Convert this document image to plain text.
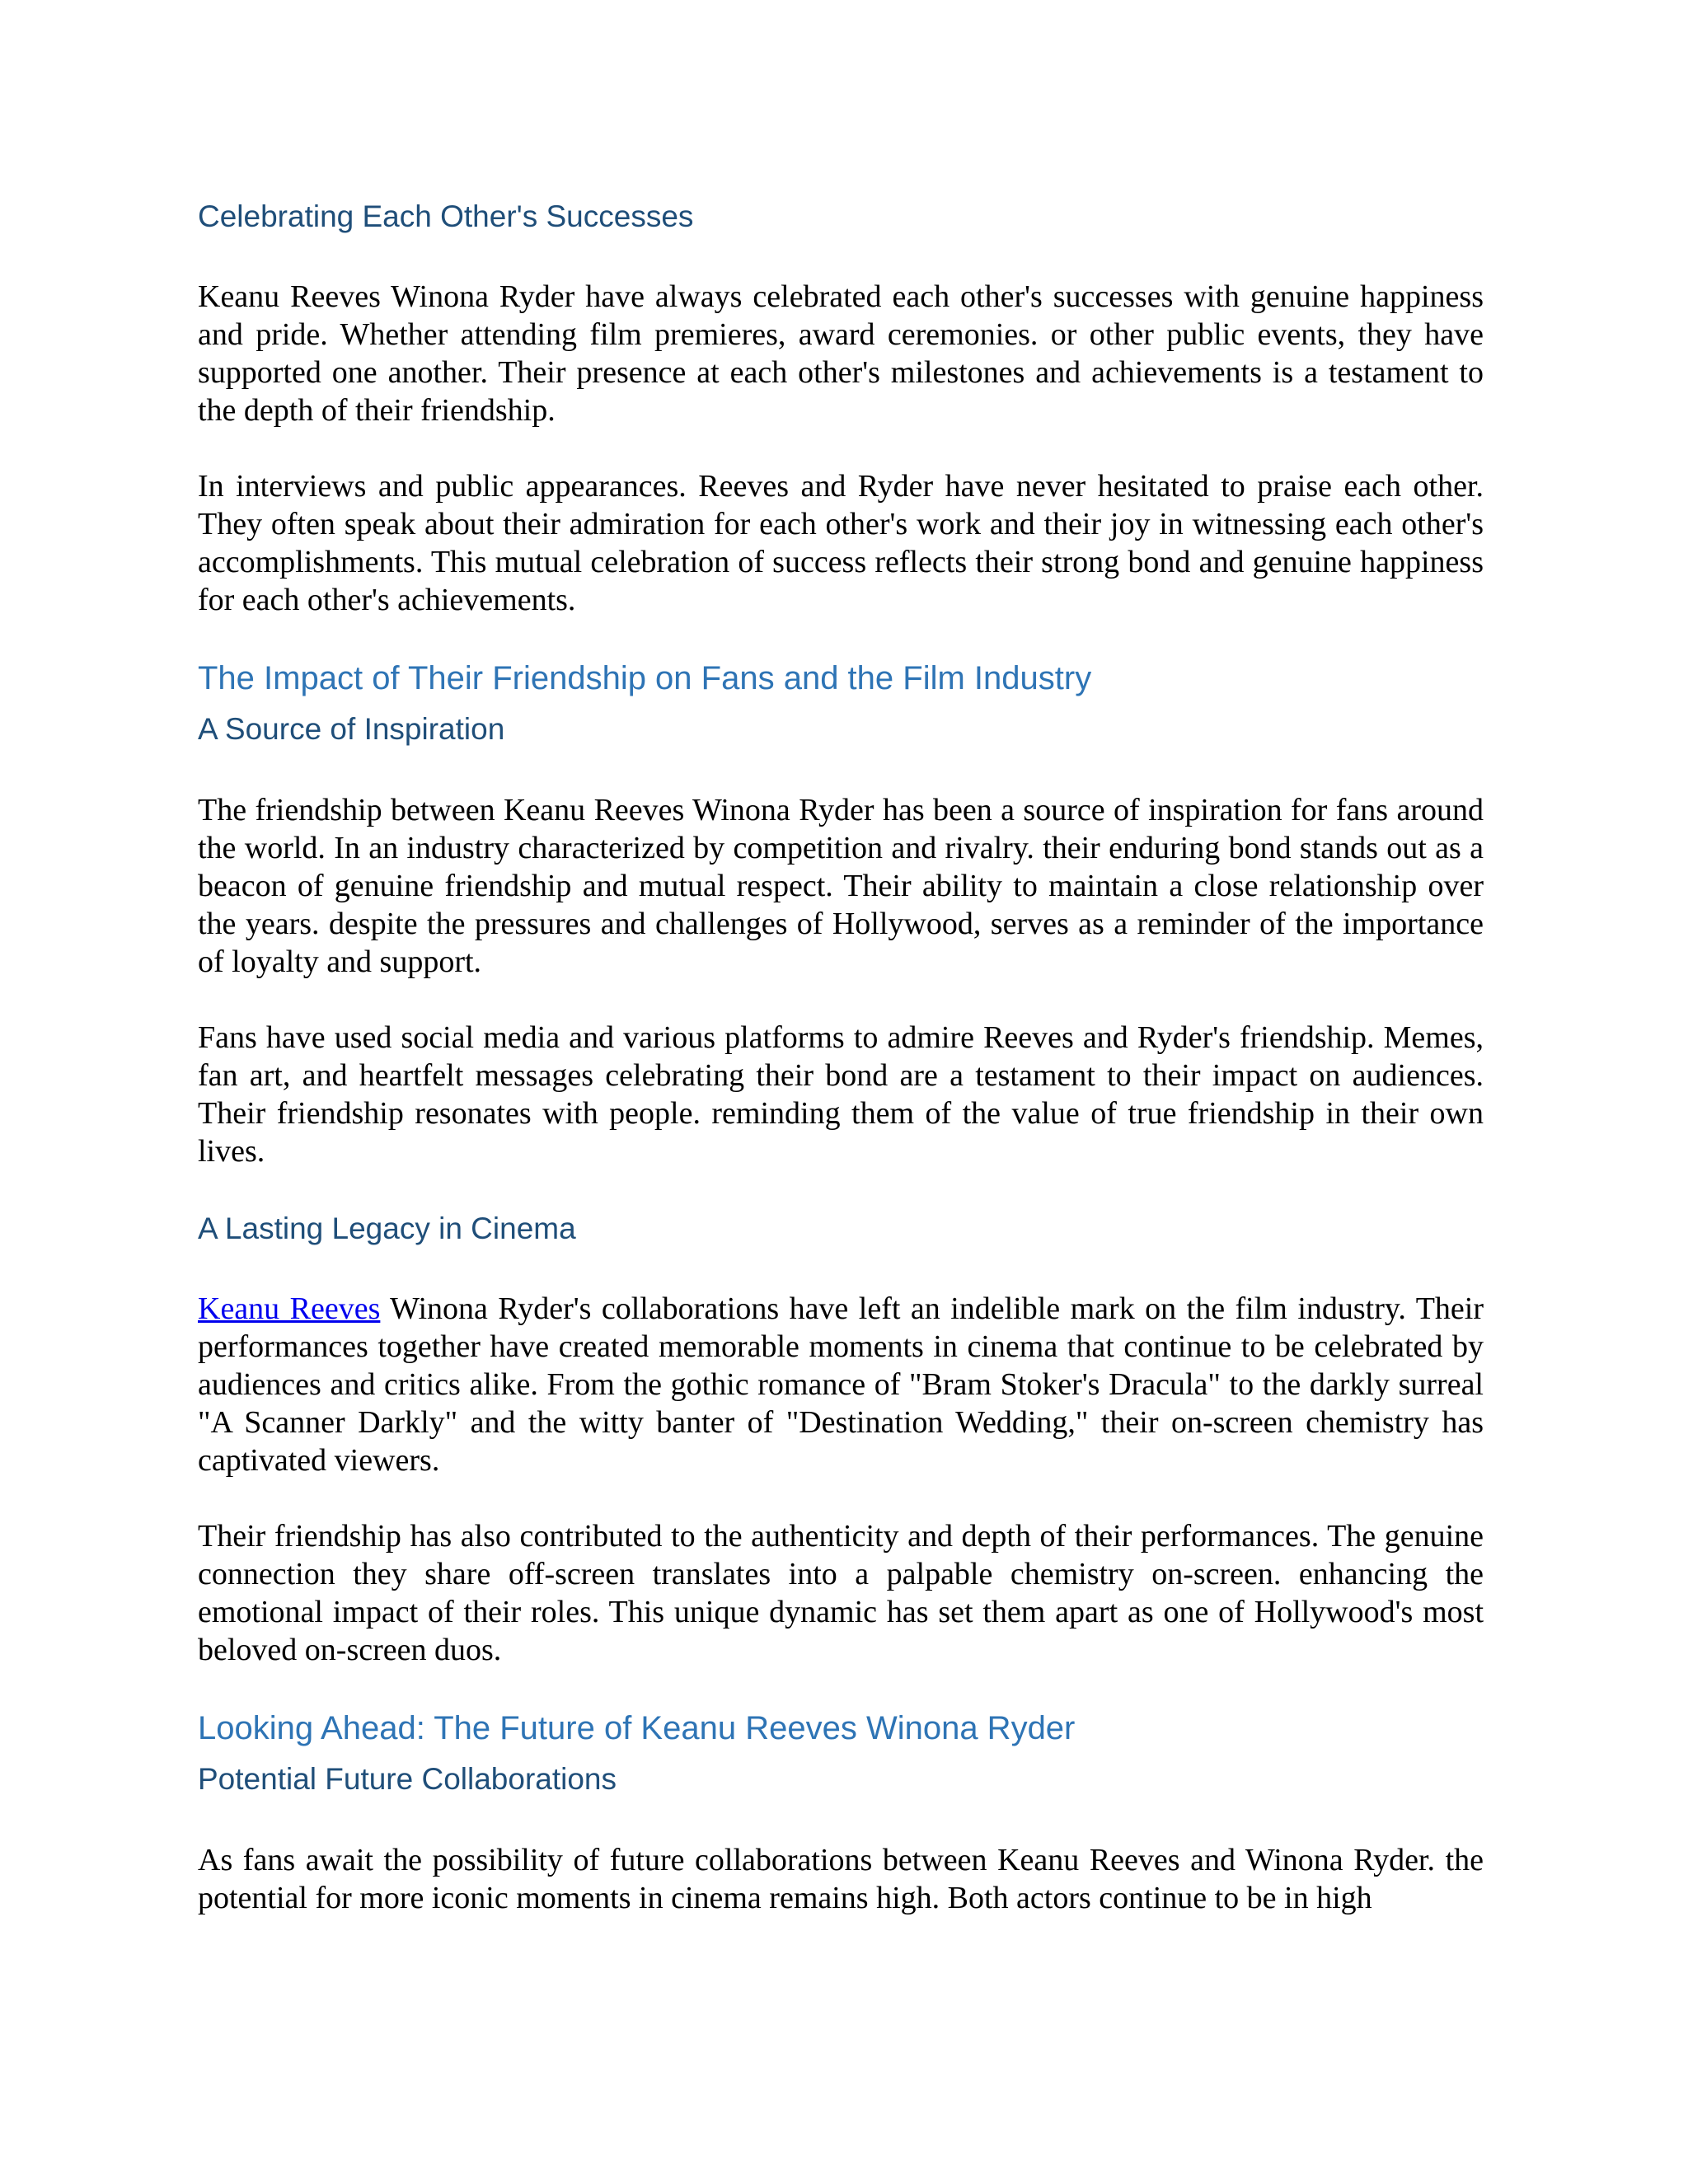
Celebrating Each Other's Successes

Keanu Reeves Winona Ryder have always celebrated each other's successes with genuine happiness and pride. Whether attending film premieres, award ceremonies. or other public events, they have supported one another. Their presence at each other's milestones and achievements is a testament to the depth of their friendship.

In interviews and public appearances. Reeves and Ryder have never hesitated to praise each other. They often speak about their admiration for each other's work and their joy in witnessing each other's accomplishments. This mutual celebration of success reflects their strong bond and genuine happiness for each other's achievements.

The Impact of Their Friendship on Fans and the Film Industry
A Source of Inspiration

The friendship between Keanu Reeves Winona Ryder has been a source of inspiration for fans around the world. In an industry characterized by competition and rivalry. their enduring bond stands out as a beacon of genuine friendship and mutual respect. Their ability to maintain a close relationship over the years. despite the pressures and challenges of Hollywood, serves as a reminder of the importance of loyalty and support.

Fans have used social media and various platforms to admire Reeves and Ryder's friendship. Memes, fan art, and heartfelt messages celebrating their bond are a testament to their impact on audiences. Their friendship resonates with people. reminding them of the value of true friendship in their own lives.

A Lasting Legacy in Cinema

Keanu Reeves Winona Ryder's collaborations have left an indelible mark on the film industry. Their performances together have created memorable moments in cinema that continue to be celebrated by audiences and critics alike. From the gothic romance of "Bram Stoker's Dracula" to the darkly surreal "A Scanner Darkly" and the witty banter of "Destination Wedding," their on-screen chemistry has captivated viewers.

Their friendship has also contributed to the authenticity and depth of their performances. The genuine connection they share off-screen translates into a palpable chemistry on-screen. enhancing the emotional impact of their roles. This unique dynamic has set them apart as one of Hollywood's most beloved on-screen duos.

Looking Ahead: The Future of Keanu Reeves Winona Ryder
Potential Future Collaborations

As fans await the possibility of future collaborations between Keanu Reeves and Winona Ryder. the potential for more iconic moments in cinema remains high. Both actors continue to be in high
